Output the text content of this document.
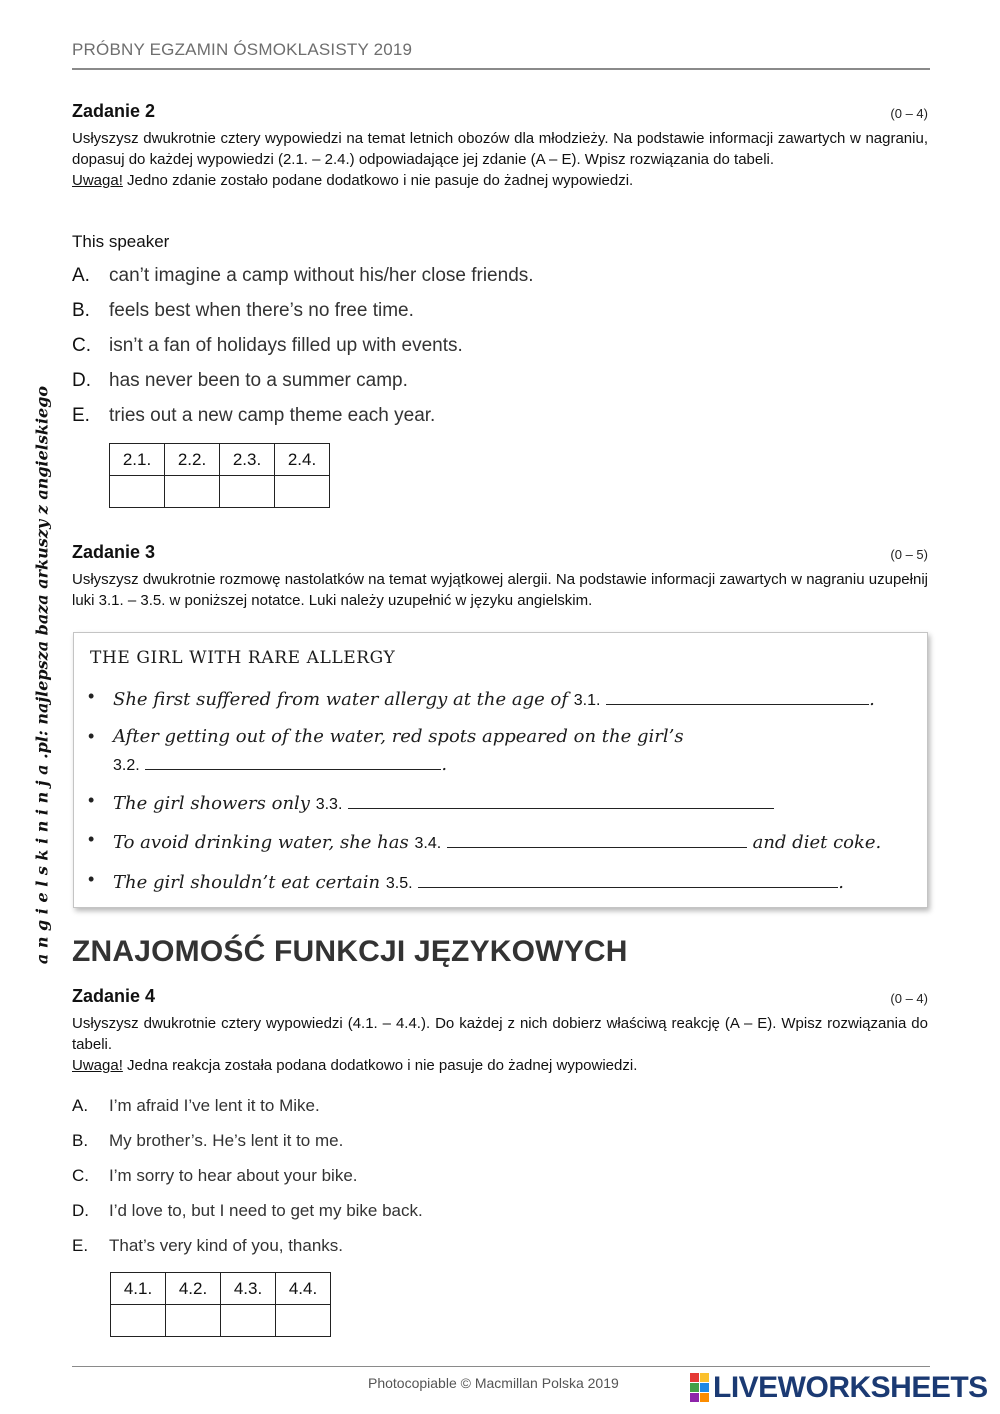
PRÓBNY EGZAMIN ÓSMOKLASISTY 2019
a n g i e l s k i n i n j a .pl: najlepsza baza arkuszy z angielskiego
Zadanie 2	(0 – 4)

Usłyszysz dwukrotnie cztery wypowiedzi na temat letnich obozów dla młodzieży. Na podstawie informacji zawartych w nagraniu, dopasuj do każdej wypowiedzi (2.1. – 2.4.) odpowiadające jej zdanie (A – E). Wpisz rozwiązania do tabeli.

Uwaga! Jedno zdanie zostało podane dodatkowo i nie pasuje do żadnej wypowiedzi.

This speaker
A. can’t imagine a camp without his/her close friends.
B. feels best when there’s no free time.
C. isn’t a fan of holidays filled up with events.
D. has never been to a summer camp.
E. tries out a new camp theme each year.
2.1.	2.2.	2.3.	2.4.

Zadanie 3	(0 – 5)

Usłyszysz dwukrotnie rozmowę nastolatków na temat wyjątkowej alergii. Na podstawie informacji zawartych w nagraniu uzupełnij luki 3.1. – 3.5. w poniższej notatce. Luki należy uzupełnić w języku angielskim.

THE GIRL WITH RARE ALLERGY
• She first suffered from water allergy at the age of 3.1.	.
• After getting out of the water, red spots appeared on the girl’s
3.2.	.
• The girl showers only 3.3.
• To avoid drinking water, she has 3.4.	and diet coke.
• The girl shouldn’t eat certain 3.5.	.
ZNAJOMOŚĆ FUNKCJI JĘZYKOWYCH
Zadanie 4	(0 – 4)

Usłyszysz dwukrotnie cztery wypowiedzi (4.1. – 4.4.). Do każdej z nich dobierz właściwą reakcję (A – E). Wpisz rozwiązania do tabeli.

Uwaga! Jedna reakcja została podana dodatkowo i nie pasuje do żadnej wypowiedzi.

A. I’m afraid I’ve lent it to Mike.
B. My brother’s. He’s lent it to me.
C. I’m sorry to hear about your bike.
D. I’d love to, but I need to get my bike back.
E. That’s very kind of you, thanks.
4.1.	4.2.	4.3.	4.4.

Photocopiable © Macmillan Polska 2019	LIVEWORKSHEETS
